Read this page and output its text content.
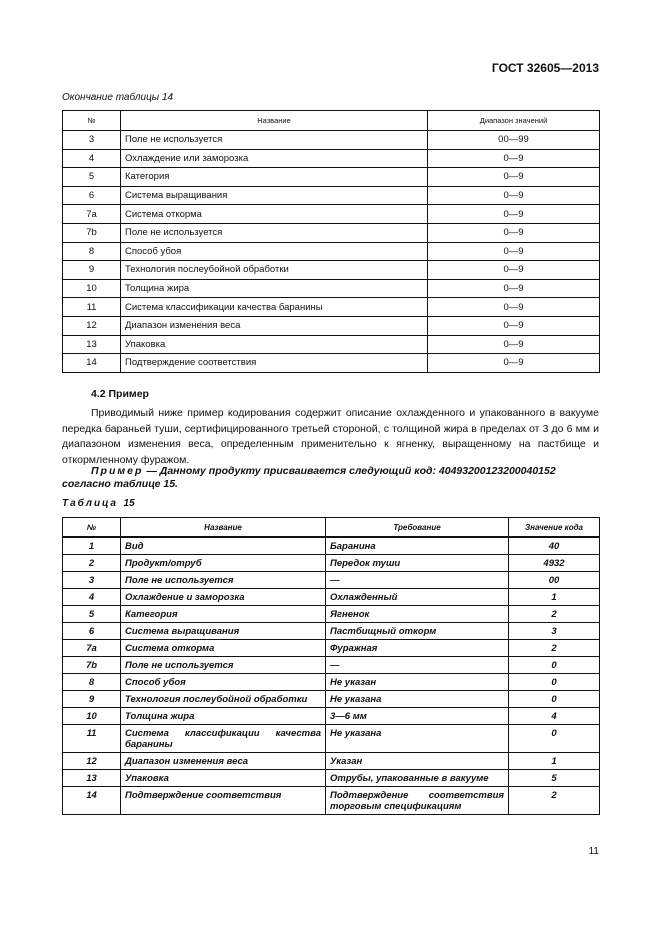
ГОСТ 32605—2013
Окончание таблицы 14
№	Название	Диапазон значений
3	Поле не используется	00—99
4	Охлаждение или заморозка	0—9
5	Категория	0—9
6	Система выращивания	0—9
7a	Система откорма	0—9
7b	Поле не используется	0—9
8	Способ убоя	0—9
9	Технология послеубойной обработки	0—9
10	Толщина жира	0—9
11	Система классификации качества баранины	0—9
12	Диапазон изменения веса	0—9
13	Упаковка	0—9
14	Подтверждение соответствия	0—9
4.2 Пример
Приводимый ниже пример кодирования содержит описание охлажденного и упакованного в вакууме передка бараньей туши, сертифицированного третьей стороной, с толщиной жира в пределах от 3 до 6 мм и диапазоном изменения веса, определенным применительно к ягненку, выращенному на пастбище и откормленному фуражом.
Пример — Данному продукту присваивается следующий код: 40493200123200040152 согласно таблице 15.
Таблица 15
№	Название	Требование	Значение кода
1	Вид	Баранина	40
2	Продукт/отруб	Передок туши	4932
3	Поле не используется	—	00
4	Охлаждение и заморозка	Охлажденный	1
5	Категория	Ягненок	2
6	Система выращивания	Пастбищный откорм	3
7a	Система откорма	Фуражная	2
7b	Поле не используется	—	0
8	Способ убоя	Не указан	0
9	Технология послеубойной обработки	Не указана	0
10	Толщина жира	3—6 мм	4
11	Система классификации качества баранины	Не указана	0
12	Диапазон изменения веса	Указан	1
13	Упаковка	Отрубы, упакованные в вакууме	5
14	Подтверждение соответствия	Подтверждение соответствия торговым спецификациям	2
11
